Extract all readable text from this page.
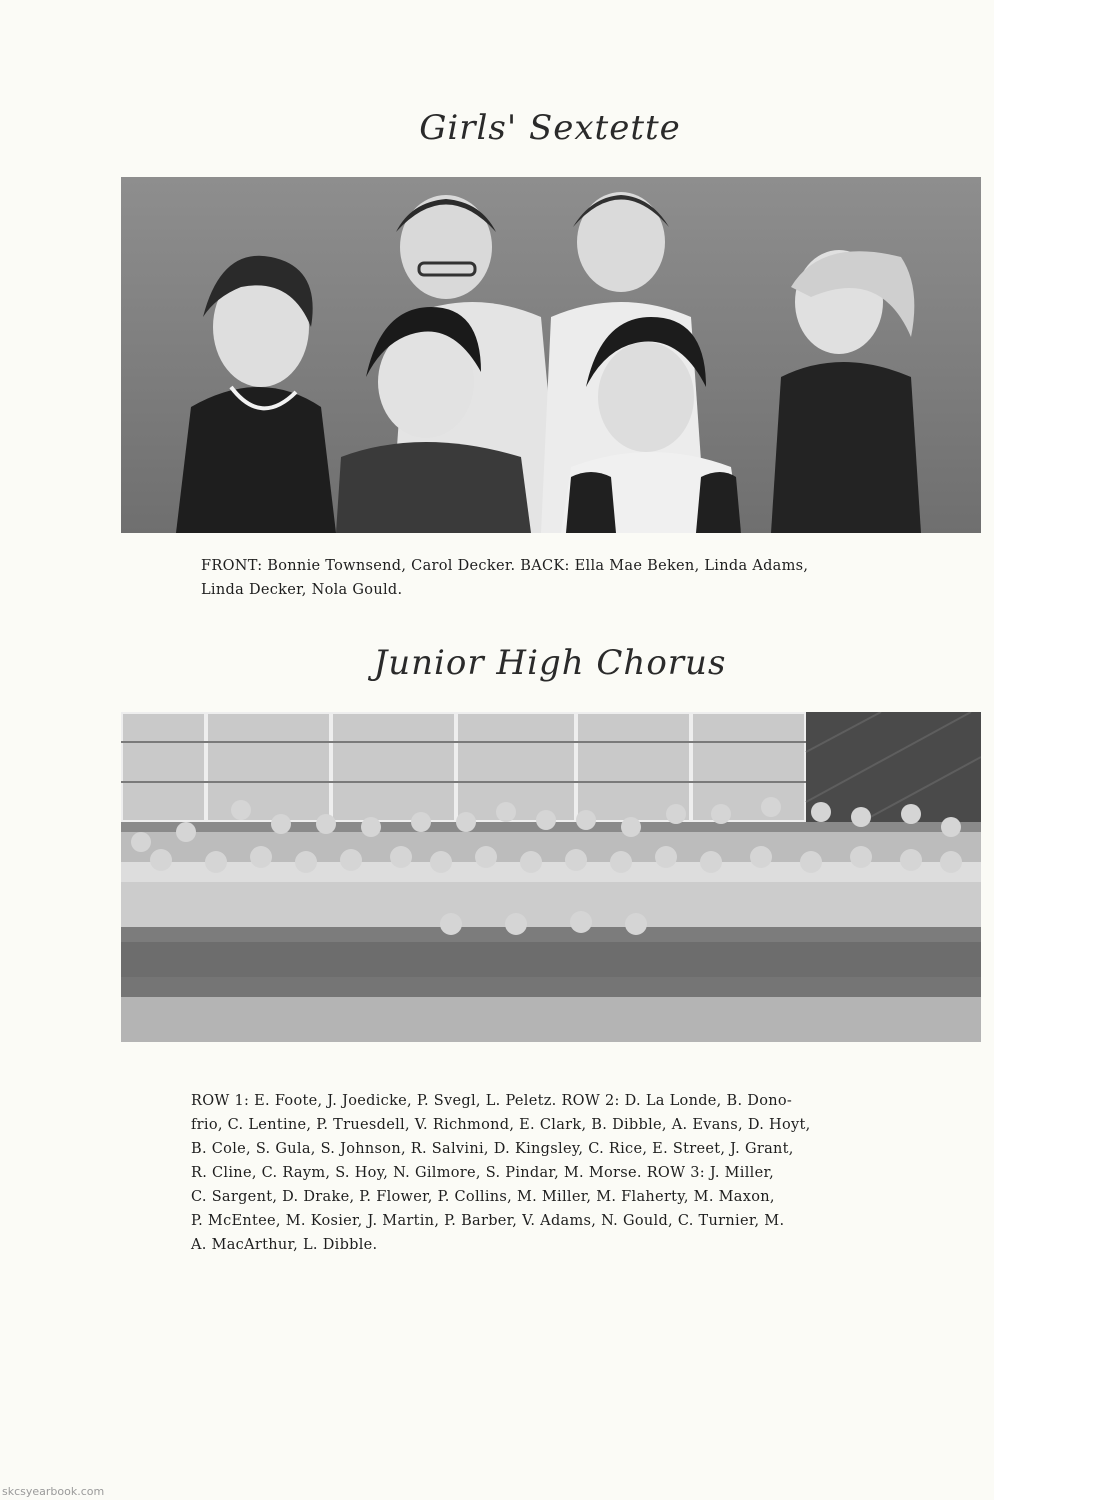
Girls' Sextette
FRONT: Bonnie Townsend, Carol Decker. BACK: Ella Mae Beken, Linda Adams,
Linda Decker, Nola Gould.
Junior High Chorus
ROW 1: E. Foote, J. Joedicke, P. Svegl, L. Peletz. ROW 2: D. La Londe, B. Dono-
frio, C. Lentine, P. Truesdell, V. Richmond, E. Clark, B. Dibble, A. Evans, D. Hoyt,
B. Cole, S. Gula, S. Johnson, R. Salvini, D. Kingsley, C. Rice, E. Street, J. Grant,
R. Cline, C. Raym, S. Hoy, N. Gilmore, S. Pindar, M. Morse. ROW 3: J. Miller,
C. Sargent, D. Drake, P. Flower, P. Collins, M. Miller, M. Flaherty, M. Maxon,
P. McEntee, M. Kosier, J. Martin, P. Barber, V. Adams, N. Gould, C. Turnier, M.
A. MacArthur, L. Dibble.
skcsyearbook.com
